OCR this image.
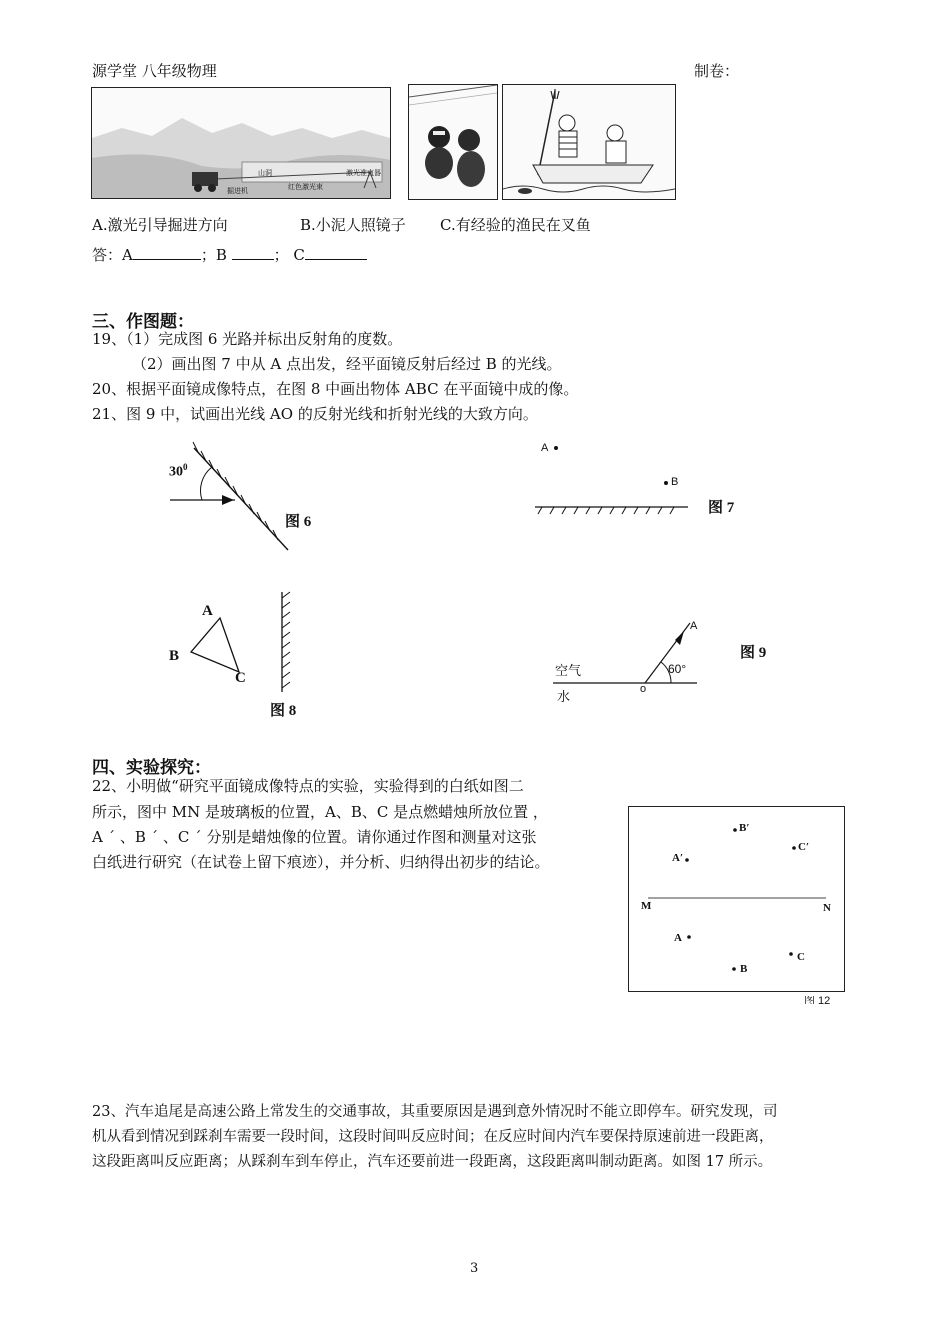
源学堂 八年级物理	制卷：
山洞	激光准直器
红色激光束
掘进机
A.激光引导掘进方向	B.小泥人照镜子 C.有经验的渔民在叉鱼
答：A	；B	； C
三、作图题：
19、（1）完成图 6 光路并标出反射角的度数。
（2）画出图 7 中从 A 点出发，经平面镜反射后经过 B 的光线。
20、根据平面镜成像特点，在图 8 中画出物体 ABC 在平面镜中成的像。
21、图 9 中，试画出光线 AO 的反射光线和折射光线的大致方向。
$30^0$
图 6
A
B
图 7
A
B
C
图 8
空气
水	o
A
60°
图 9
四、实验探究：
22、小明做“研究平面镜成像特点的实验，实验得到的白纸如图二
所示，图中 MN 是玻璃板的位置，A、B、C 是点燃蜡烛所放位置 ，
A ˊ 、B ˊ 、C ˊ 分别是蜡烛像的位置。请你通过作图和测量对这张
白纸进行研究（在试卷上留下痕迹），并分析、归纳得出初步的结论。
B′
C′
A′
M	N
A
B
C
图 12
23、汽车追尾是高速公路上常发生的交通事故，其重要原因是遇到意外情况时不能立即停车。研究发现，司
机从看到情况到踩刹车需要一段时间，这段时间叫反应时间；在反应时间内汽车要保持原速前进一段距离，
这段距离叫反应距离；从踩刹车到车停止，汽车还要前进一段距离，这段距离叫制动距离。如图 17 所示。
3
